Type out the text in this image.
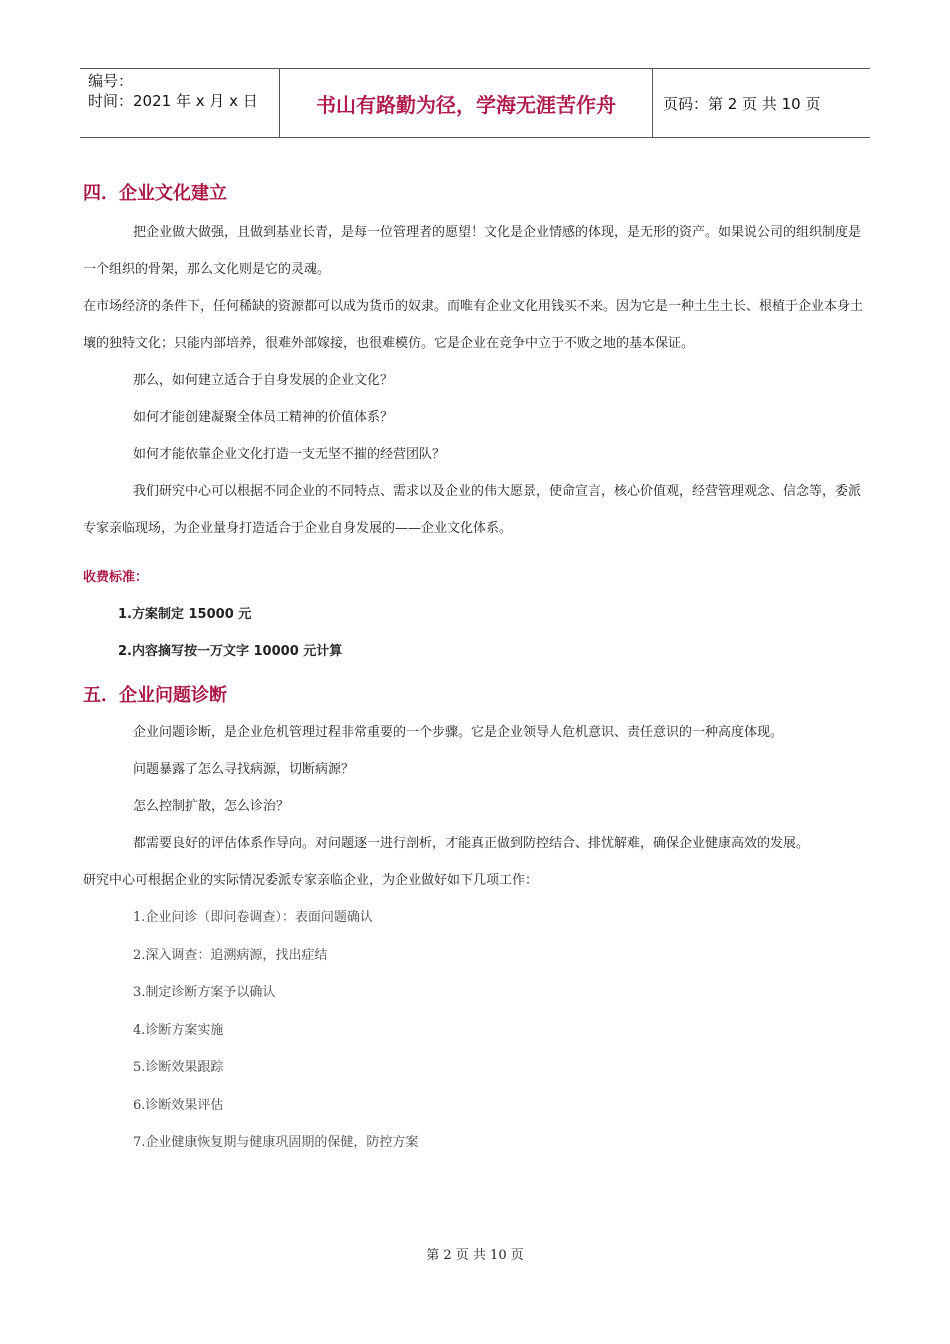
编号：
时间：2021 年 x 月 x 日	书山有路勤为径，学海无涯苦作舟	页码：第 2 页 共 10 页
四．企业文化建立

把企业做大做强，且做到基业长青，是每一位管理者的愿望！文化是企业情感的体现，是无形的资产。如果说公司的组织制度是一个组织的骨架，那么文化则是它的灵魂。

在市场经济的条件下，任何稀缺的资源都可以成为货币的奴隶。而唯有企业文化用钱买不来。因为它是一种土生土长、根植于企业本身土壤的独特文化；只能内部培养，很难外部嫁接，也很难模仿。它是企业在竞争中立于不败之地的基本保证。

那么，如何建立适合于自身发展的企业文化？

如何才能创建凝聚全体员工精神的价值体系？

如何才能依靠企业文化打造一支无坚不摧的经营团队？

我们研究中心可以根据不同企业的不同特点、需求以及企业的伟大愿景，使命宣言，核心价值观，经营管理观念、信念等，委派专家亲临现场，为企业量身打造适合于企业自身发展的——企业文化体系。

收费标准：
1.方案制定 15000 元
2.内容摘写按一万文字 10000 元计算
五．企业问题诊断

企业问题诊断，是企业危机管理过程非常重要的一个步骤。它是企业领导人危机意识、责任意识的一种高度体现。

问题暴露了怎么寻找病源，切断病源？

怎么控制扩散，怎么诊治？

都需要良好的评估体系作导向。对问题逐一进行剖析，才能真正做到防控结合、排忧解难，确保企业健康高效的发展。

研究中心可根据企业的实际情况委派专家亲临企业，为企业做好如下几项工作：

1.企业问诊（即问卷调查）：表面问题确认
2.深入调查：追溯病源，找出症结
3.制定诊断方案予以确认
4.诊断方案实施
5.诊断效果跟踪
6.诊断效果评估
7.企业健康恢复期与健康巩固期的保健，防控方案
第 2 页 共 10 页
